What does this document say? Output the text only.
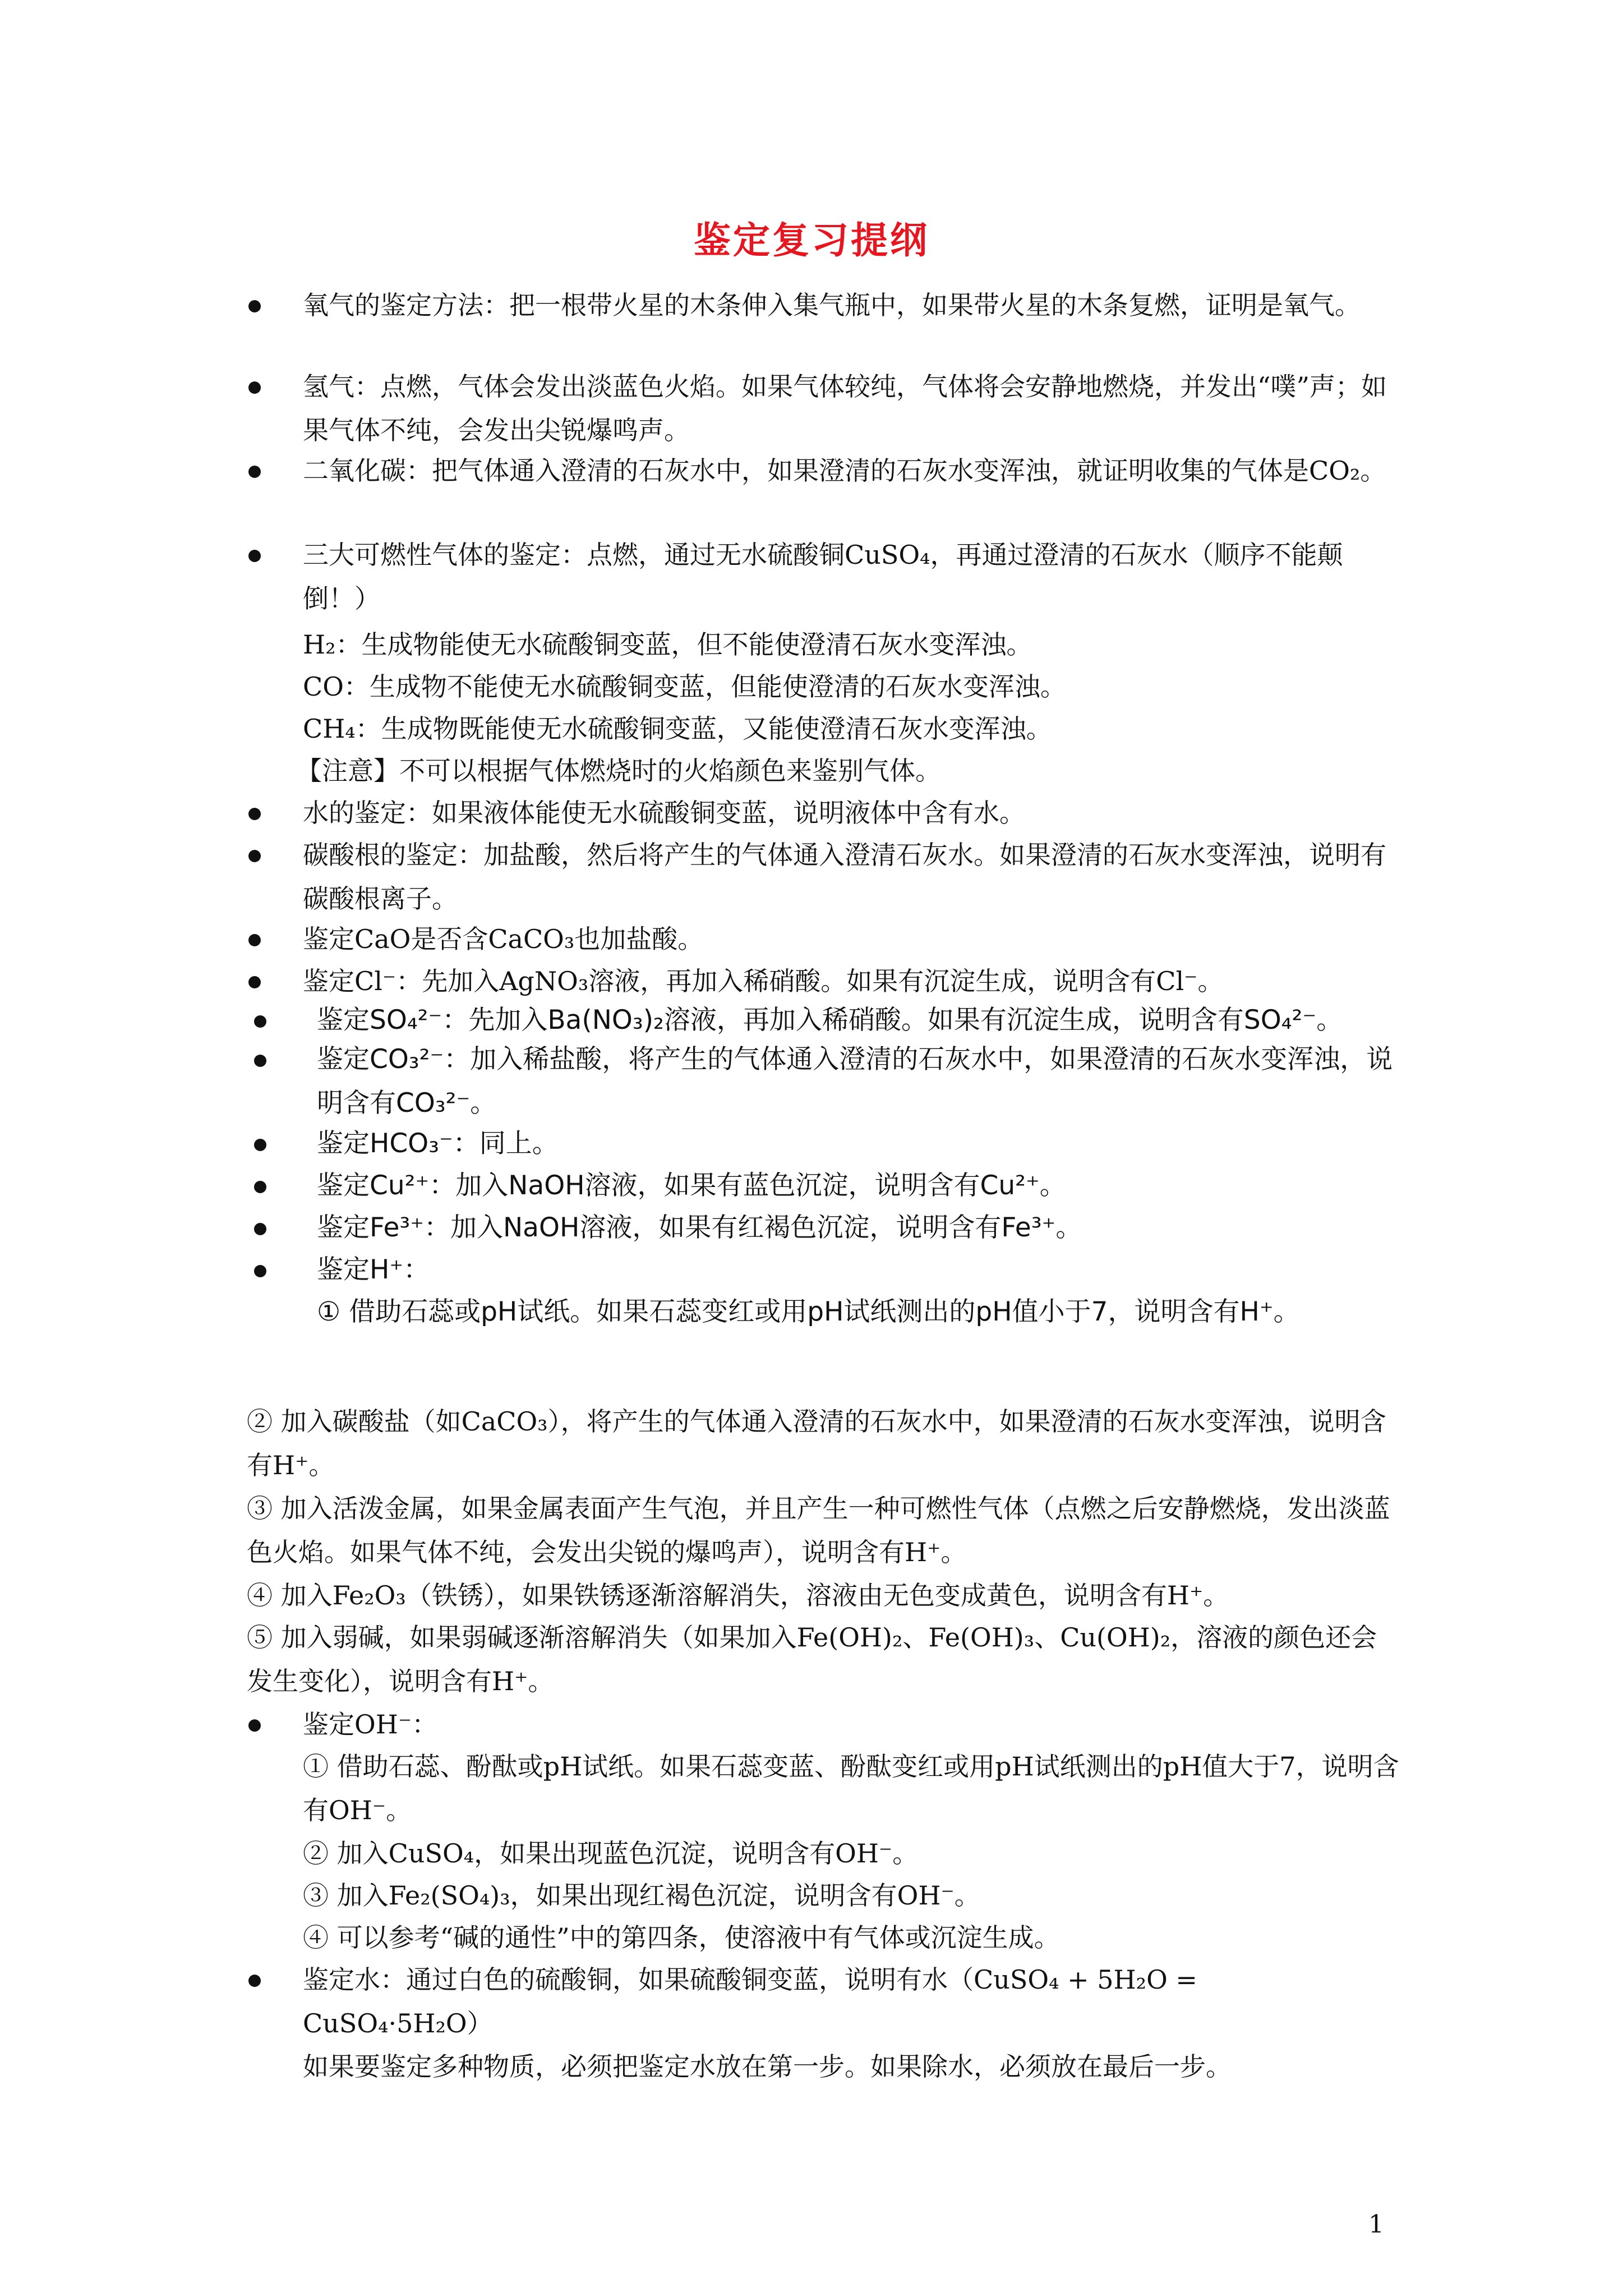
鉴定复习提纲
氧气的鉴定方法：把一根带火星的木条伸入集气瓶中，如果带火星的木条复燃，证明是氧气。
氢气：点燃，气体会发出淡蓝色火焰。如果气体较纯，气体将会安静地燃烧，并发出“噗”声；如果气体不纯，会发出尖锐爆鸣声。
二氧化碳：把气体通入澄清的石灰水中，如果澄清的石灰水变浑浊，就证明收集的气体是CO₂。
三大可燃性气体的鉴定：点燃，通过无水硫酸铜CuSO₄，再通过澄清的石灰水（顺序不能颠倒！）
H₂：生成物能使无水硫酸铜变蓝，但不能使澄清石灰水变浑浊。
CO：生成物不能使无水硫酸铜变蓝，但能使澄清的石灰水变浑浊。
CH₄：生成物既能使无水硫酸铜变蓝，又能使澄清石灰水变浑浊。
【注意】不可以根据气体燃烧时的火焰颜色来鉴别气体。
水的鉴定：如果液体能使无水硫酸铜变蓝，说明液体中含有水。
碳酸根的鉴定：加盐酸，然后将产生的气体通入澄清石灰水。如果澄清的石灰水变浑浊，说明有碳酸根离子。
鉴定CaO是否含CaCO₃也加盐酸。
鉴定Cl⁻：先加入AgNO₃溶液，再加入稀硝酸。如果有沉淀生成，说明含有Cl⁻。
鉴定SO₄²⁻：先加入Ba(NO₃)₂溶液，再加入稀硝酸。如果有沉淀生成，说明含有SO₄²⁻。
鉴定CO₃²⁻：加入稀盐酸，将产生的气体通入澄清的石灰水中，如果澄清的石灰水变浑浊，说明含有CO₃²⁻。
鉴定HCO₃⁻：同上。
鉴定Cu²⁺：加入NaOH溶液，如果有蓝色沉淀，说明含有Cu²⁺。
鉴定Fe³⁺：加入NaOH溶液，如果有红褐色沉淀，说明含有Fe³⁺。
鉴定H⁺：
① 借助石蕊或pH试纸。如果石蕊变红或用pH试纸测出的pH值小于7，说明含有H⁺。
② 加入碳酸盐（如CaCO₃），将产生的气体通入澄清的石灰水中，如果澄清的石灰水变浑浊，说明含有H⁺。
③ 加入活泼金属，如果金属表面产生气泡，并且产生一种可燃性气体（点燃之后安静燃烧，发出淡蓝色火焰。如果气体不纯，会发出尖锐的爆鸣声），说明含有H⁺。
④ 加入Fe₂O₃（铁锈），如果铁锈逐渐溶解消失，溶液由无色变成黄色，说明含有H⁺。
⑤ 加入弱碱，如果弱碱逐渐溶解消失（如果加入Fe(OH)₂、Fe(OH)₃、Cu(OH)₂，溶液的颜色还会发生变化），说明含有H⁺。
鉴定OH⁻：
① 借助石蕊、酚酞或pH试纸。如果石蕊变蓝、酚酞变红或用pH试纸测出的pH值大于7，说明含有OH⁻。
② 加入CuSO₄，如果出现蓝色沉淀，说明含有OH⁻。
③ 加入Fe₂(SO₄)₃，如果出现红褐色沉淀，说明含有OH⁻。
④ 可以参考“碱的通性”中的第四条，使溶液中有气体或沉淀生成。
鉴定水：通过白色的硫酸铜，如果硫酸铜变蓝，说明有水（CuSO₄ + 5H₂O = CuSO₄·5H₂O）
如果要鉴定多种物质，必须把鉴定水放在第一步。如果除水，必须放在最后一步。
1
